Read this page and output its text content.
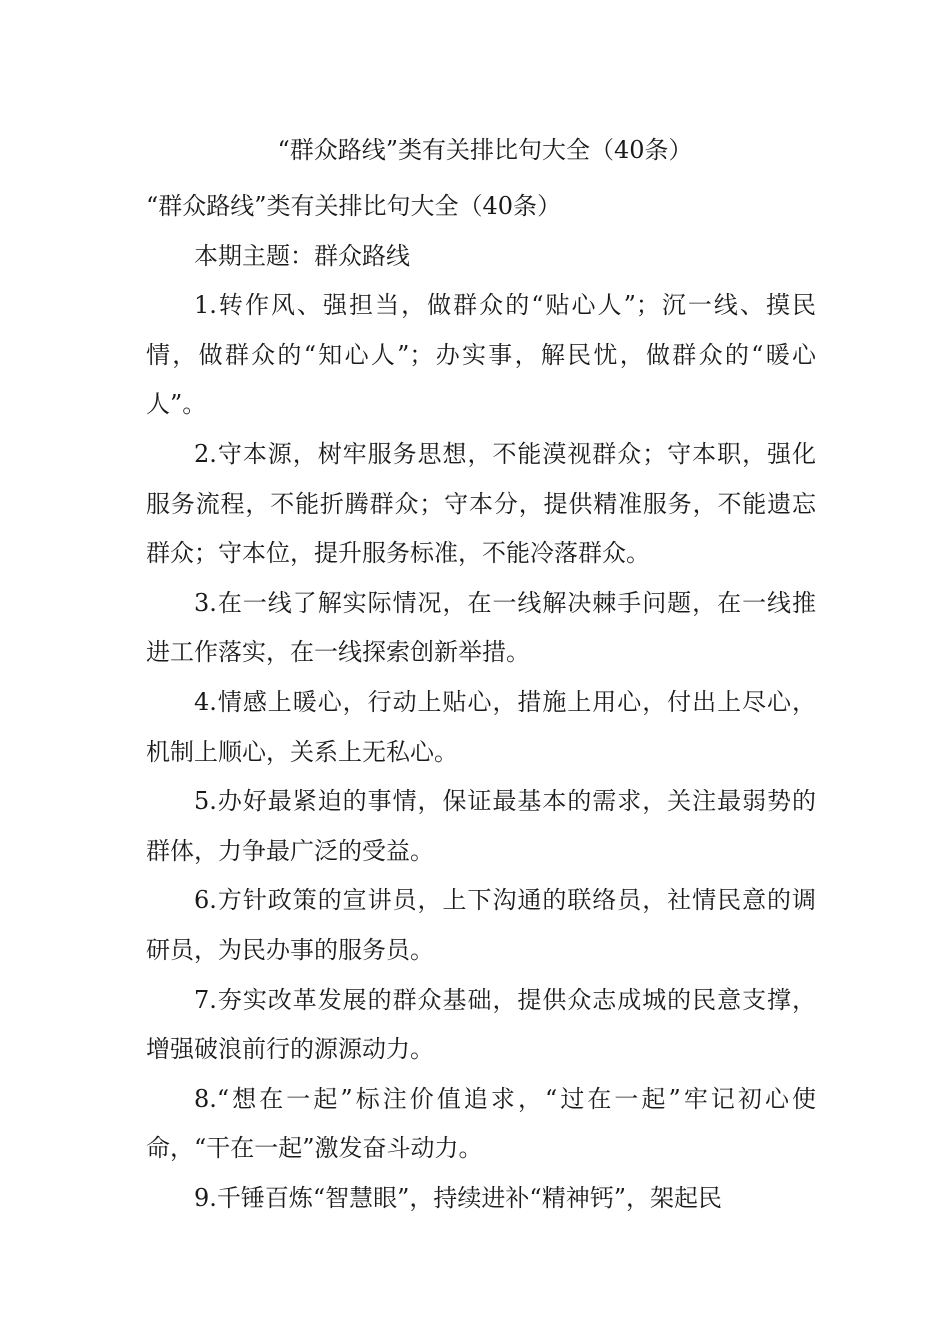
“群众路线”类有关排比句大全（40条）

“群众路线”类有关排比句大全（40条）

本期主题：群众路线

1.转作风、强担当，做群众的“贴心人”；沉一线、摸民情，做群众的“知心人”；办实事，解民忧，做群众的“暖心人”。

2.守本源，树牢服务思想，不能漠视群众；守本职，强化服务流程，不能折腾群众；守本分，提供精准服务，不能遗忘群众；守本位，提升服务标准，不能冷落群众。

3.在一线了解实际情况，在一线解决棘手问题，在一线推进工作落实，在一线探索创新举措。

4.情感上暖心，行动上贴心，措施上用心，付出上尽心，机制上顺心，关系上无私心。

5.办好最紧迫的事情，保证最基本的需求，关注最弱势的群体，力争最广泛的受益。

6.方针政策的宣讲员，上下沟通的联络员，社情民意的调研员，为民办事的服务员。

7.夯实改革发展的群众基础，提供众志成城的民意支撑，增强破浪前行的源源动力。

8.“想在一起”标注价值追求，“过在一起”牢记初心使命，“干在一起”激发奋斗动力。

9.千锤百炼“智慧眼”，持续进补“精神钙”，架起民
